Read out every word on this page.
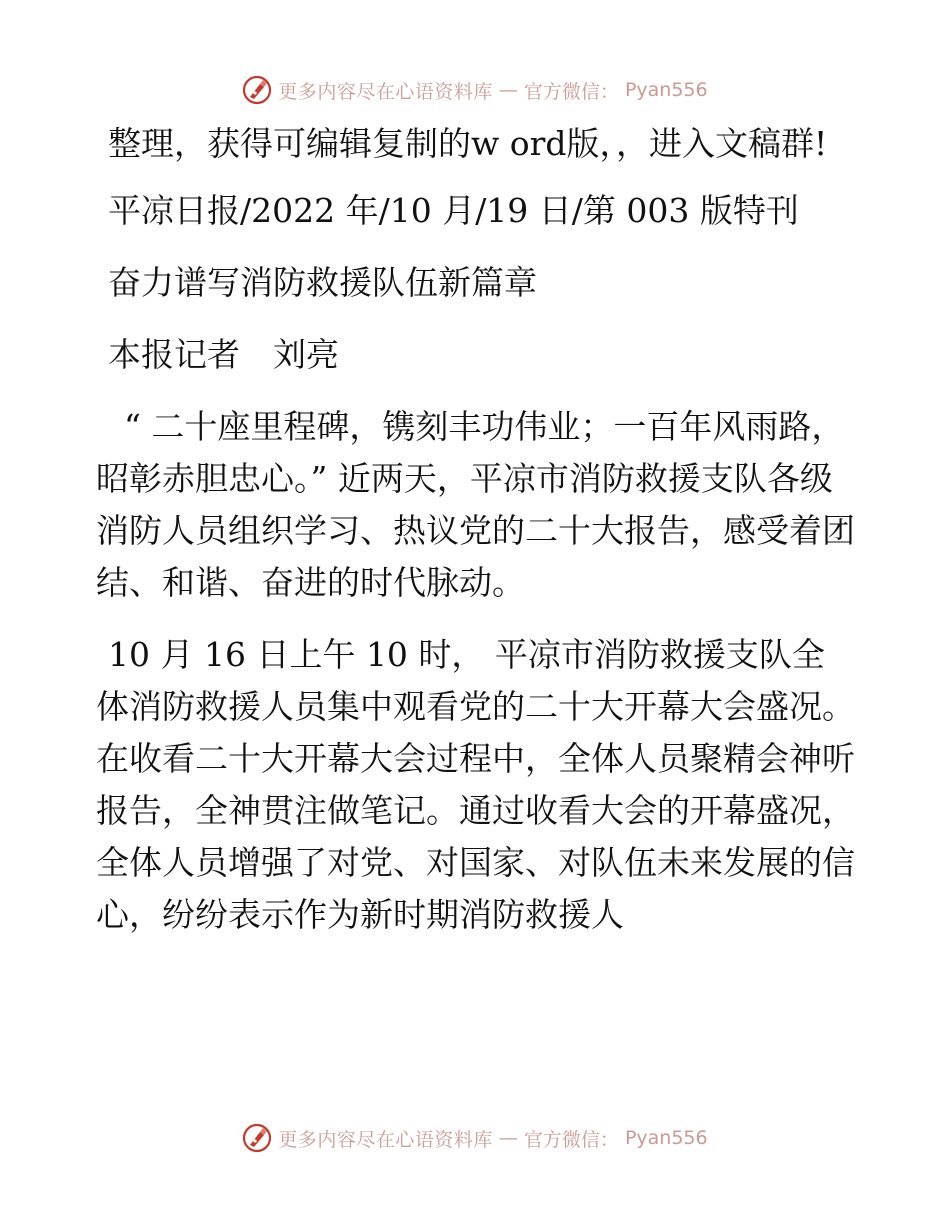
更多内容尽在心语资料库 — 官方微信： Pyan556

整理，获得可编辑复制的w ord版，，进入文稿群!

平凉日报/2022 年/10 月/19 日/第 003 版特刊

奋力谱写消防救援队伍新篇章

本报记者　刘亮

“ 二十座里程碑，镌刻丰功伟业；一百年风雨路，昭彰赤胆忠心。” 近两天，平凉市消防救援支队各级消防人员组织学习、热议党的二十大报告，感受着团结、和谐、奋进的时代脉动。

10 月 16 日上午 10 时， 平凉市消防救援支队全体消防救援人员集中观看党的二十大开幕大会盛况。在收看二十大开幕大会过程中，全体人员聚精会神听报告，全神贯注做笔记。通过收看大会的开幕盛况，全体人员增强了对党、对国家、对队伍未来发展的信心，纷纷表示作为新时期消防救援人

更多内容尽在心语资料库 — 官方微信： Pyan556
